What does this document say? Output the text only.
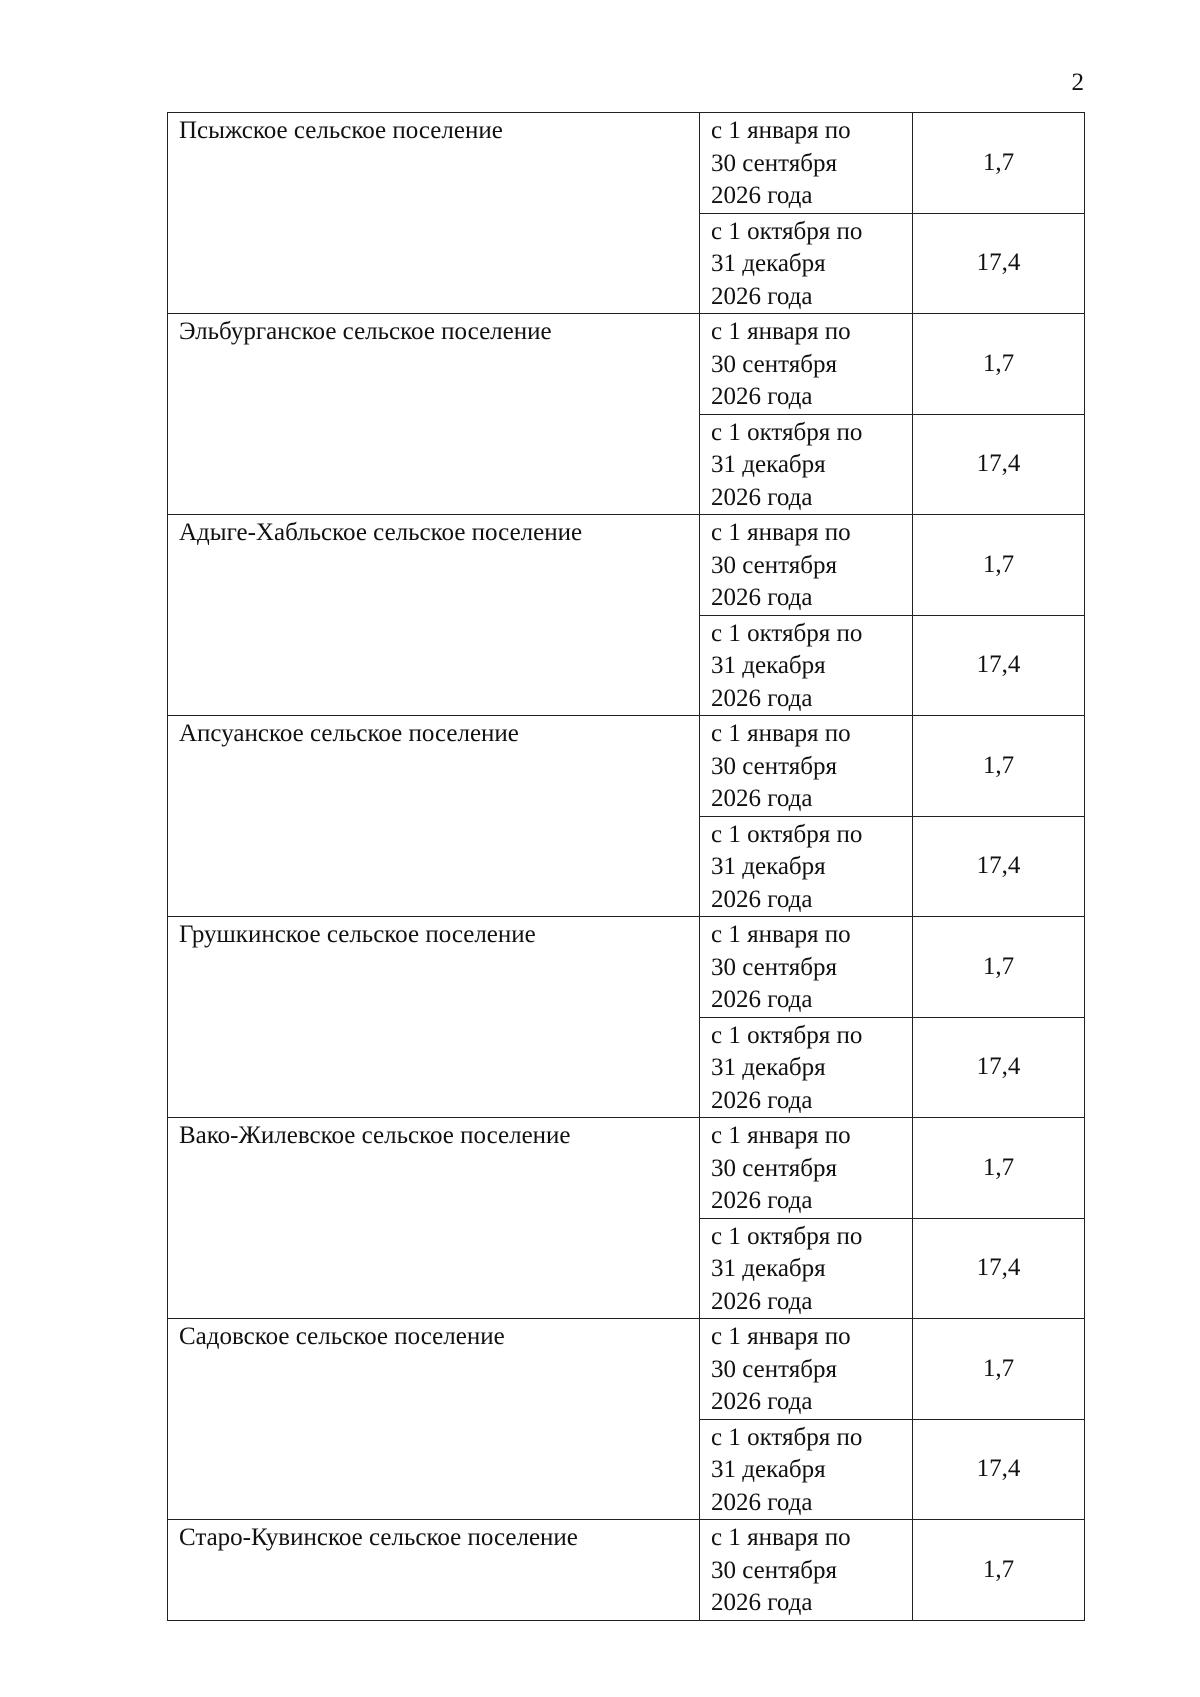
2
Псыжское сельское поселение	с 1 января по
30 сентября
2026 года	1,7

	с 1 октября по
31 декабря
2026 года	17,4
Эльбурганское сельское поселение	с 1 января по
30 сентября
2026 года	1,7

	с 1 октября по
31 декабря
2026 года	17,4
Адыге-Хабльское сельское поселение	с 1 января по
30 сентября
2026 года	1,7

	с 1 октября по
31 декабря
2026 года	17,4
Апсуанское сельское поселение	с 1 января по
30 сентября
2026 года	1,7

	с 1 октября по
31 декабря
2026 года	17,4
Грушкинское сельское поселение	с 1 января по
30 сентября
2026 года	1,7

	с 1 октября по
31 декабря
2026 года	17,4
Вако-Жилевское сельское поселение	с 1 января по
30 сентября
2026 года	1,7

	с 1 октября по
31 декабря
2026 года	17,4
Садовское сельское поселение	с 1 января по
30 сентября
2026 года	1,7

	с 1 октября по
31 декабря
2026 года	17,4
Старо-Кувинское сельское поселение	с 1 января по
30 сентября
2026 года	1,7
